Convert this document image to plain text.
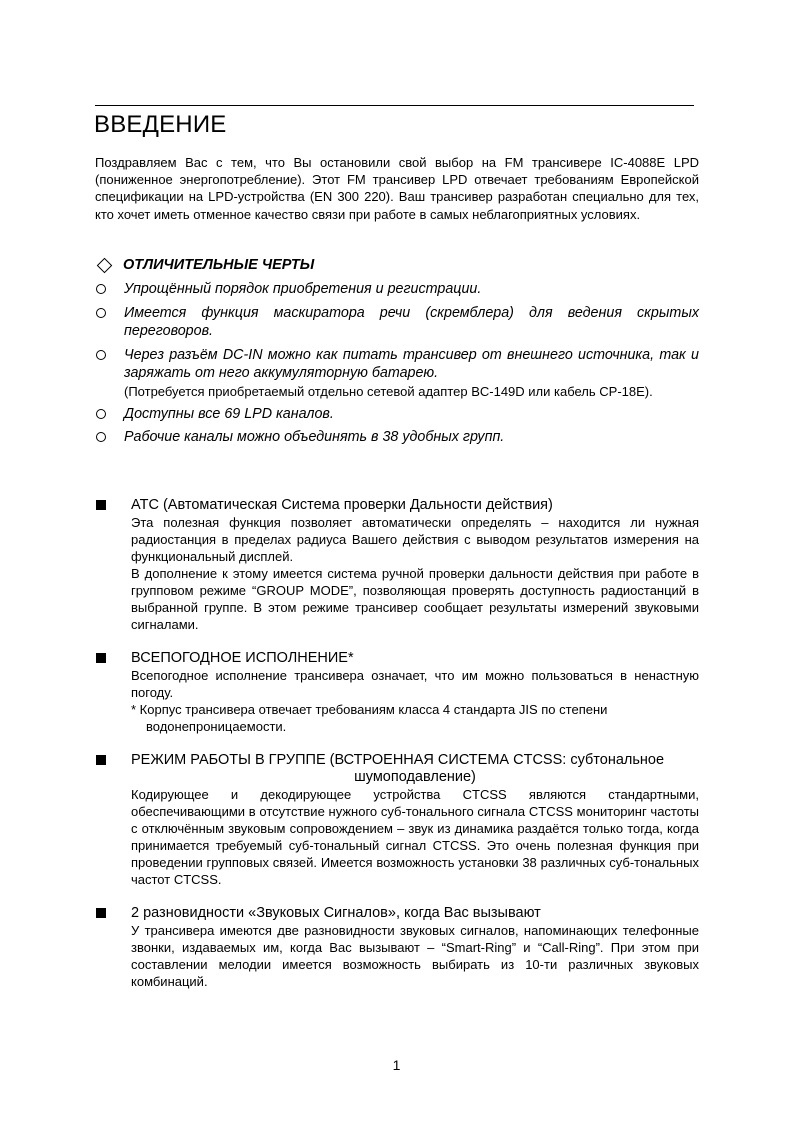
ВВЕДЕНИЕ
Поздравляем Вас с тем, что Вы остановили свой выбор на FM трансивере IC-4088E LPD (пониженное энергопотребление). Этот FM трансивер LPD отвечает требованиям Европейской спецификации на LPD-устройства (EN 300 220). Ваш трансивер разработан специально для тех, кто хочет иметь отменное качество связи при работе в самых неблагоприятных условиях.
ОТЛИЧИТЕЛЬНЫЕ ЧЕРТЫ
Упрощённый порядок приобретения и регистрации.
Имеется функция маскиратора речи (скремблера) для ведения скрытых переговоров.
Через разъём DC-IN можно как питать трансивер от внешнего источника, так и заряжать от него аккумуляторную батарею.
(Потребуется приобретаемый отдельно сетевой адаптер BC-149D или кабель CP-18E).
Доступны все 69 LPD каналов.
Рабочие каналы можно объединять в 38 удобных групп.
ATC (Автоматическая Система проверки Дальности действия)
Эта полезная функция позволяет автоматически определять – находится ли нужная радиостанция в пределах радиуса Вашего действия с выводом результатов измерения на функциональный дисплей.
В дополнение к этому имеется система ручной проверки дальности действия при работе в групповом режиме “GROUP MODE”, позволяющая проверять доступность радиостанций в выбранной группе. В этом режиме трансивер сообщает результаты измерений звуковыми сигналами.
ВСЕПОГОДНОЕ ИСПОЛНЕНИЕ*
Всепогодное исполнение трансивера означает, что им можно пользоваться в ненастную погоду.
* Корпус трансивера отвечает требованиям класса 4 стандарта JIS по степени
водонепроницаемости.
РЕЖИМ РАБОТЫ В ГРУППЕ (ВСТРОЕННАЯ СИСТЕМА CTCSS: субтональное
шумоподавление)
Кодирующее и декодирующее устройства CTCSS являются стандартными, обеспечивающими в отсутствие нужного суб-тонального сигнала CTCSS мониторинг частоты с отключённым звуковым сопровождением – звук из динамика раздаётся только тогда, когда принимается требуемый суб-тональный сигнал CTCSS. Это очень полезная функция при проведении групповых связей. Имеется возможность установки 38 различных суб-тональных частот CTCSS.
2 разновидности «Звуковых Сигналов», когда Вас вызывают
У трансивера имеются две разновидности звуковых сигналов, напоминающих телефонные звонки, издаваемых им, когда Вас вызывают – “Smart-Ring” и “Call-Ring”. При этом при составлении мелодии имеется возможность выбирать из 10-ти различных звуковых комбинаций.
1
